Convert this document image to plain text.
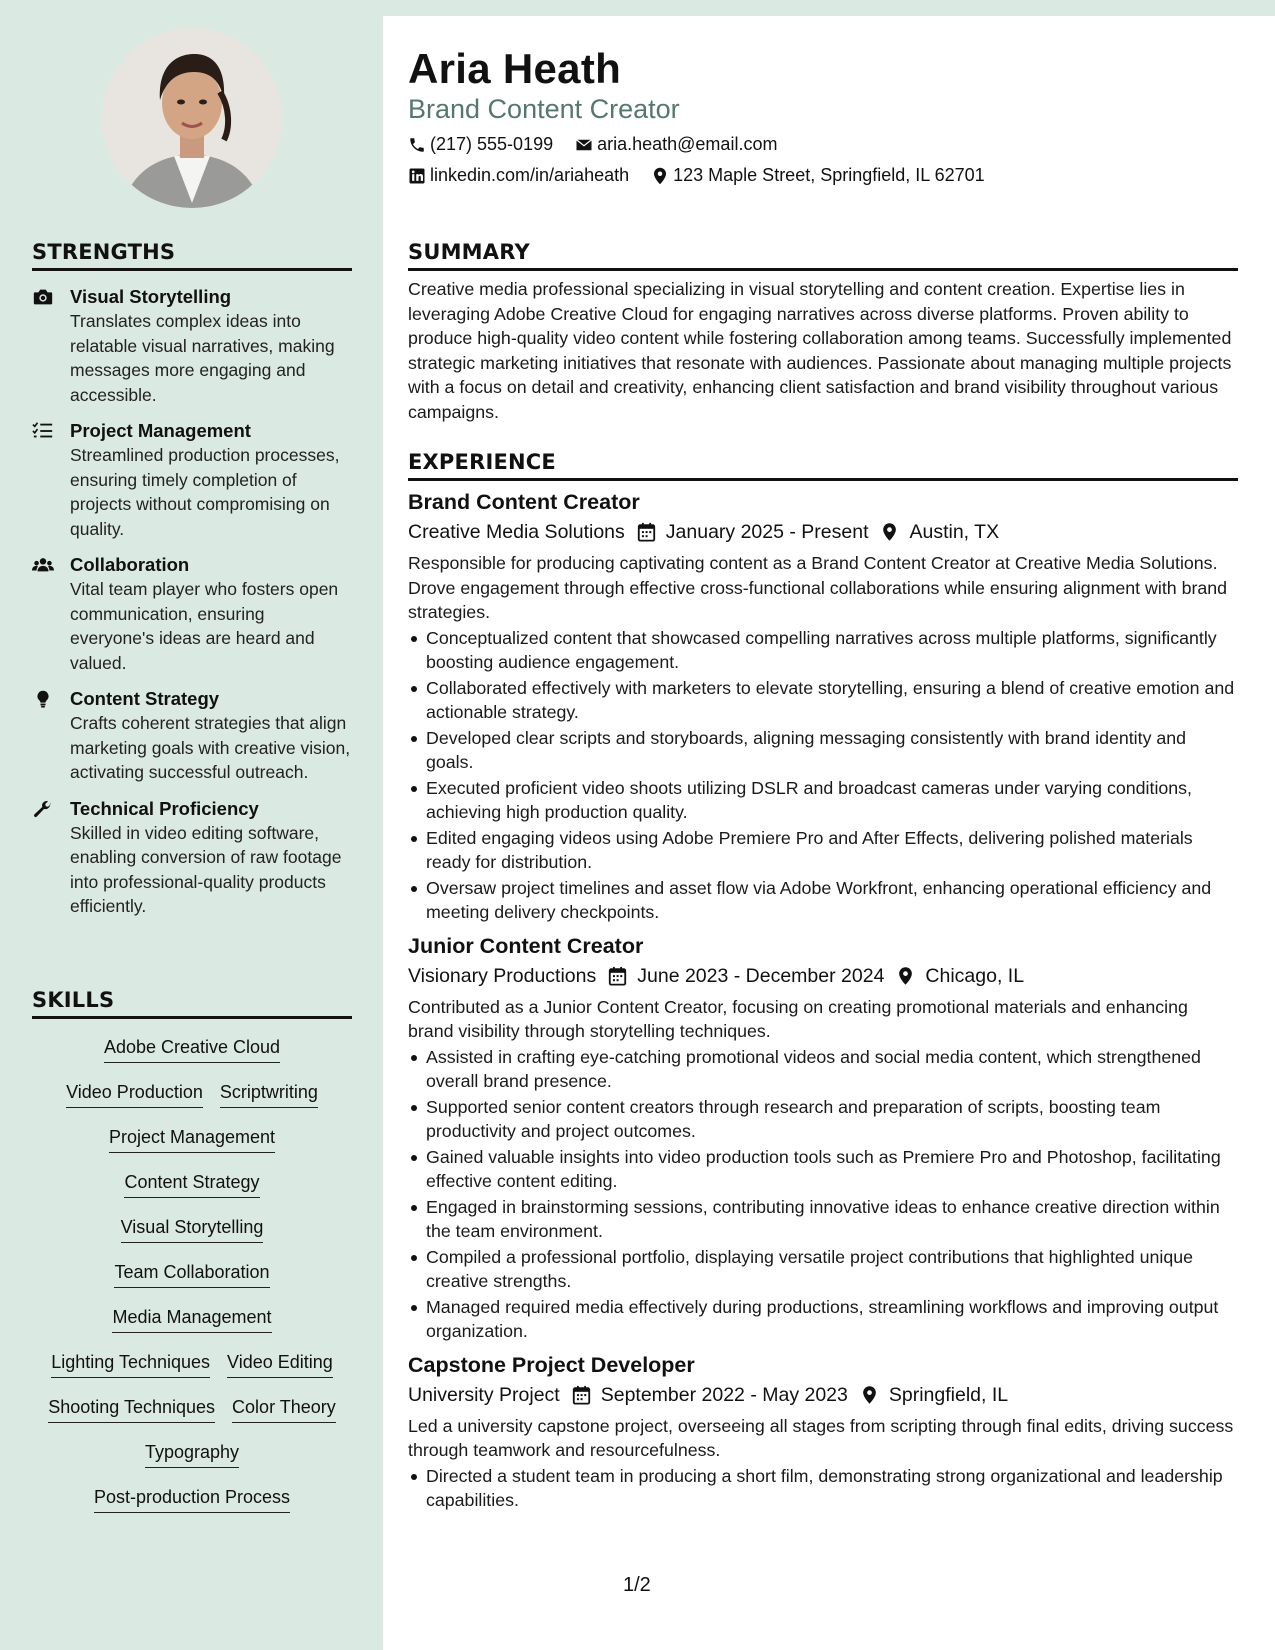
STRENGTHS
Visual Storytelling
Translates complex ideas into relatable visual narratives, making messages more engaging and accessible.
Project Management
Streamlined production processes, ensuring timely completion of projects without compromising on quality.
Collaboration
Vital team player who fosters open communication, ensuring everyone's ideas are heard and valued.
Content Strategy
Crafts coherent strategies that align marketing goals with creative vision, activating successful outreach.
Technical Proficiency
Skilled in video editing software, enabling conversion of raw footage into professional-quality products efficiently.
SKILLS
Adobe Creative Cloud
Video Production Scriptwriting
Project Management
Content Strategy
Visual Storytelling
Team Collaboration
Media Management
Lighting Techniques Video Editing
Shooting Techniques Color Theory
Typography
Post-production Process
Aria Heath
Brand Content Creator
(217) 555-0199 aria.heath@email.com
linkedin.com/in/ariaheath 123 Maple Street, Springfield, IL 62701
SUMMARY
Creative media professional specializing in visual storytelling and content creation. Expertise lies in leveraging Adobe Creative Cloud for engaging narratives across diverse platforms. Proven ability to produce high-quality video content while fostering collaboration among teams. Successfully implemented strategic marketing initiatives that resonate with audiences. Passionate about managing multiple projects with a focus on detail and creativity, enhancing client satisfaction and brand visibility throughout various campaigns.
EXPERIENCE
Brand Content Creator
Creative Media Solutions January 2025 - Present Austin, TX
Responsible for producing captivating content as a Brand Content Creator at Creative Media Solutions. Drove engagement through effective cross-functional collaborations while ensuring alignment with brand strategies.
Conceptualized content that showcased compelling narratives across multiple platforms, significantly boosting audience engagement.
Collaborated effectively with marketers to elevate storytelling, ensuring a blend of creative emotion and actionable strategy.
Developed clear scripts and storyboards, aligning messaging consistently with brand identity and goals.
Executed proficient video shoots utilizing DSLR and broadcast cameras under varying conditions, achieving high production quality.
Edited engaging videos using Adobe Premiere Pro and After Effects, delivering polished materials ready for distribution.
Oversaw project timelines and asset flow via Adobe Workfront, enhancing operational efficiency and meeting delivery checkpoints.
Junior Content Creator
Visionary Productions June 2023 - December 2024 Chicago, IL
Contributed as a Junior Content Creator, focusing on creating promotional materials and enhancing brand visibility through storytelling techniques.
Assisted in crafting eye-catching promotional videos and social media content, which strengthened overall brand presence.
Supported senior content creators through research and preparation of scripts, boosting team productivity and project outcomes.
Gained valuable insights into video production tools such as Premiere Pro and Photoshop, facilitating effective content editing.
Engaged in brainstorming sessions, contributing innovative ideas to enhance creative direction within the team environment.
Compiled a professional portfolio, displaying versatile project contributions that highlighted unique creative strengths.
Managed required media effectively during productions, streamlining workflows and improving output organization.
Capstone Project Developer
University Project September 2022 - May 2023 Springfield, IL
Led a university capstone project, overseeing all stages from scripting through final edits, driving success through teamwork and resourcefulness.
Directed a student team in producing a short film, demonstrating strong organizational and leadership capabilities.
1/2
